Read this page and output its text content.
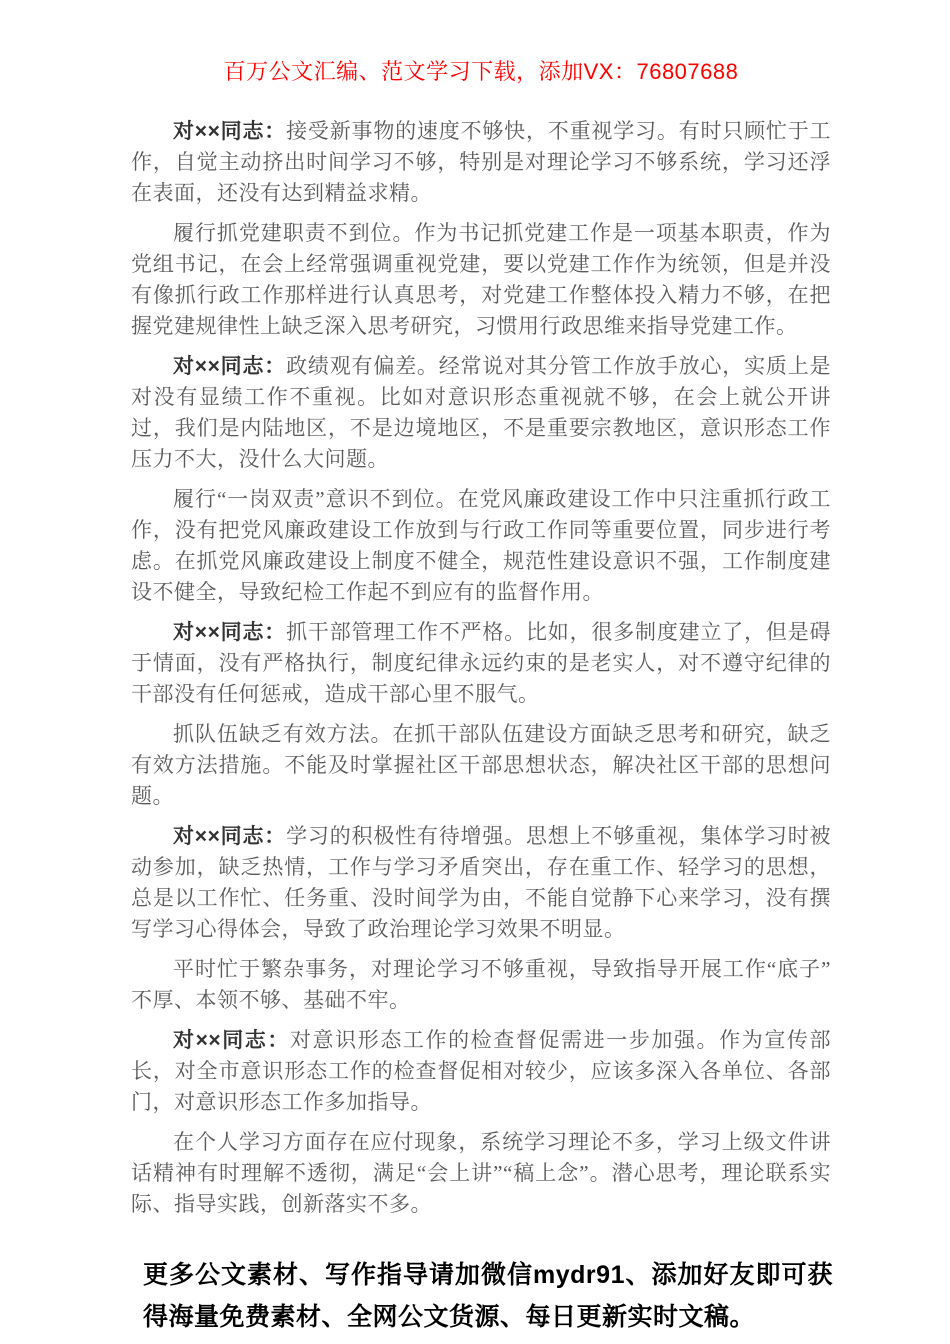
百万公文汇编、范文学习下载，添加VX：76807688

对××同志：接受新事物的速度不够快，不重视学习。有时只顾忙于工作，自觉主动挤出时间学习不够，特别是对理论学习不够系统，学习还浮在表面，还没有达到精益求精。

履行抓党建职责不到位。作为书记抓党建工作是一项基本职责，作为党组书记，在会上经常强调重视党建，要以党建工作作为统领，但是并没有像抓行政工作那样进行认真思考，对党建工作整体投入精力不够，在把握党建规律性上缺乏深入思考研究，习惯用行政思维来指导党建工作。

对××同志：政绩观有偏差。经常说对其分管工作放手放心，实质上是对没有显绩工作不重视。比如对意识形态重视就不够，在会上就公开讲过，我们是内陆地区，不是边境地区，不是重要宗教地区，意识形态工作压力不大，没什么大问题。

履行“一岗双责”意识不到位。在党风廉政建设工作中只注重抓行政工作，没有把党风廉政建设工作放到与行政工作同等重要位置，同步进行考虑。在抓党风廉政建设上制度不健全，规范性建设意识不强，工作制度建设不健全，导致纪检工作起不到应有的监督作用。

对××同志：抓干部管理工作不严格。比如，很多制度建立了，但是碍于情面，没有严格执行，制度纪律永远约束的是老实人，对不遵守纪律的干部没有任何惩戒，造成干部心里不服气。

抓队伍缺乏有效方法。在抓干部队伍建设方面缺乏思考和研究，缺乏有效方法措施。不能及时掌握社区干部思想状态，解决社区干部的思想问题。

对××同志：学习的积极性有待增强。思想上不够重视，集体学习时被动参加，缺乏热情，工作与学习矛盾突出，存在重工作、轻学习的思想，总是以工作忙、任务重、没时间学为由，不能自觉静下心来学习，没有撰写学习心得体会，导致了政治理论学习效果不明显。

平时忙于繁杂事务，对理论学习不够重视，导致指导开展工作“底子”不厚、本领不够、基础不牢。

对××同志：对意识形态工作的检查督促需进一步加强。作为宣传部长，对全市意识形态工作的检查督促相对较少，应该多深入各单位、各部门，对意识形态工作多加指导。

在个人学习方面存在应付现象，系统学习理论不多，学习上级文件讲话精神有时理解不透彻，满足“会上讲”“稿上念”。潜心思考，理论联系实际、指导实践，创新落实不多。

更多公文素材、写作指导请加微信mydr91、添加好友即可获得海量免费素材、全网公文货源、每日更新实时文稿。
